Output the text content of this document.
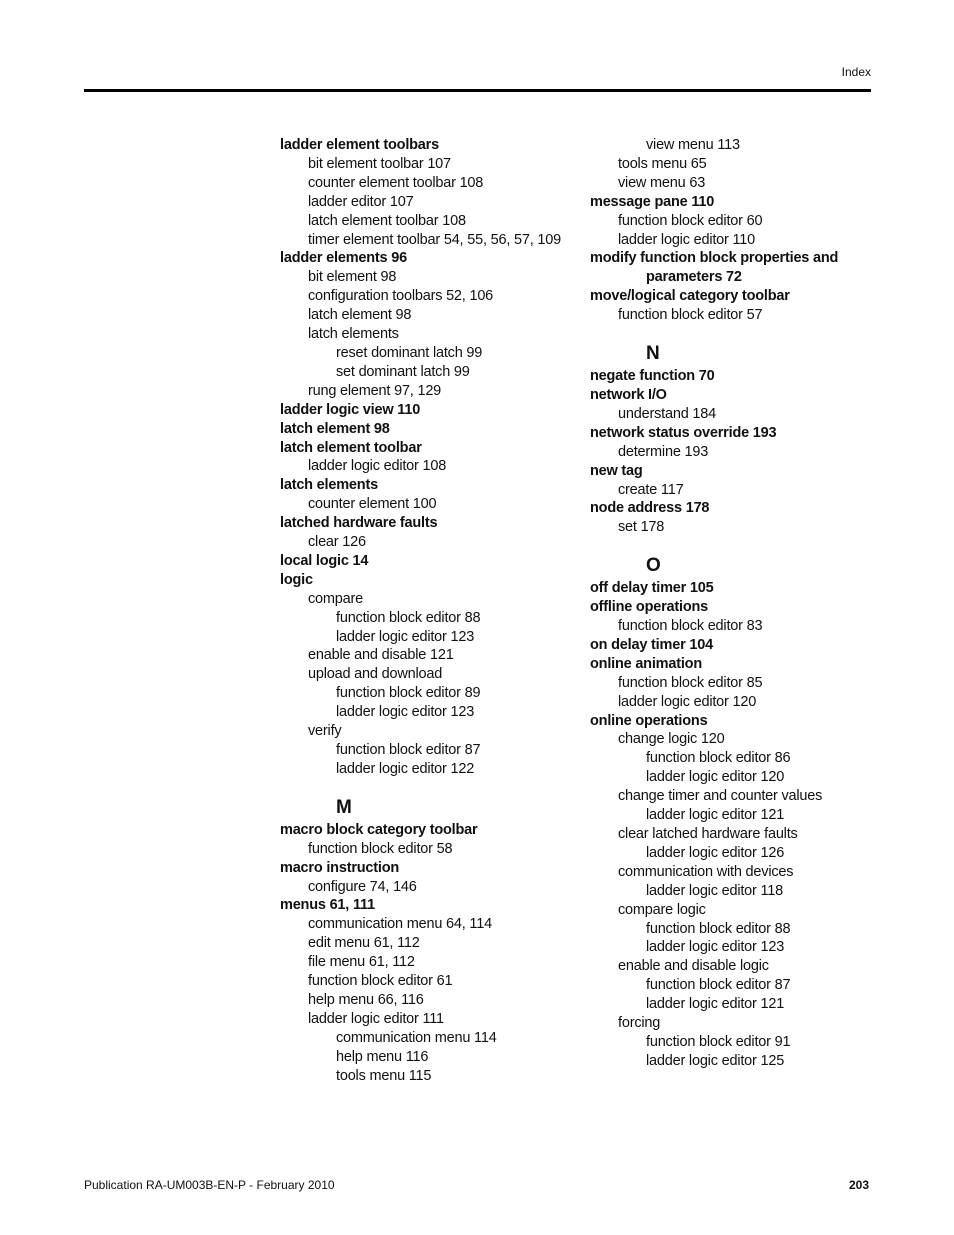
Index
ladder element toolbars
bit element toolbar 107
counter element toolbar 108
ladder editor 107
latch element toolbar 108
timer element toolbar 54, 55, 56, 57, 109
ladder elements 96
bit element 98
configuration toolbars 52, 106
latch element 98
latch elements
reset dominant latch 99
set dominant latch 99
rung element 97, 129
ladder logic view 110
latch element 98
latch element toolbar
ladder logic editor 108
latch elements
counter element 100
latched hardware faults
clear 126
local logic 14
logic
compare
function block editor 88
ladder logic editor 123
enable and disable 121
upload and download
function block editor 89
ladder logic editor 123
verify
function block editor 87
ladder logic editor 122
M
macro block category toolbar
function block editor 58
macro instruction
configure 74, 146
menus 61, 111
communication menu 64, 114
edit menu 61, 112
file menu 61, 112
function block editor 61
help menu 66, 116
ladder logic editor 111
communication menu 114
help menu 116
tools menu 115
view menu 113
tools menu 65
view menu 63
message pane 110
function block editor 60
ladder logic editor 110
modify function block properties and
parameters 72
move/logical category toolbar
function block editor 57
N
negate function 70
network I/O
understand 184
network status override 193
determine 193
new tag
create 117
node address 178
set 178
O
off delay timer 105
offline operations
function block editor 83
on delay timer 104
online animation
function block editor 85
ladder logic editor 120
online operations
change logic 120
function block editor 86
ladder logic editor 120
change timer and counter values
ladder logic editor 121
clear latched hardware faults
ladder logic editor 126
communication with devices
ladder logic editor 118
compare logic
function block editor 88
ladder logic editor 123
enable and disable logic
function block editor 87
ladder logic editor 121
forcing
function block editor 91
ladder logic editor 125
Publication RA-UM003B-EN-P - February 2010	203
